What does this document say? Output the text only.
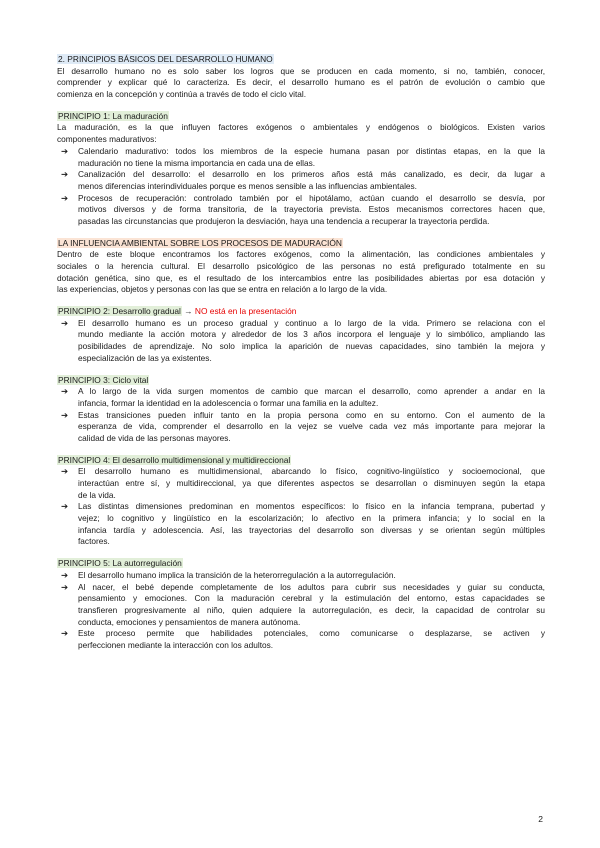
2. PRINCIPIOS BÁSICOS DEL DESARROLLO HUMANO
El desarrollo humano no es solo saber los logros que se producen en cada momento, si no, también, conocer,
comprender y explicar qué lo caracteriza. Es decir, el desarrollo humano es el patrón de evolución o cambio que
comienza en la concepción y continúa a través de todo el ciclo vital.
PRINCIPIO 1: La maduración
La maduración, es la que influyen factores exógenos o ambientales y endógenos o biológicos. Existen varios
componentes madurativos:
➔ Calendario madurativo: todos los miembros de la especie humana pasan por distintas etapas, en la que la
maduración no tiene la misma importancia en cada una de ellas.
➔ Canalización del desarrollo: el desarrollo en los primeros años está más canalizado, es decir, da lugar a
menos diferencias interindividuales porque es menos sensible a las influencias ambientales.
➔ Procesos de recuperación: controlado también por el hipotálamo, actúan cuando el desarrollo se desvía, por
motivos diversos y de forma transitoria, de la trayectoria prevista. Estos mecanismos correctores hacen que,
pasadas las circunstancias que produjeron la desviación, haya una tendencia a recuperar la trayectoria perdida.
LA INFLUENCIA AMBIENTAL SOBRE LOS PROCESOS DE MADURACIÓN
Dentro de este bloque encontramos los factores exógenos, como la alimentación, las condiciones ambientales y
sociales o la herencia cultural. El desarrollo psicológico de las personas no está prefigurado totalmente en su
dotación genética, sino que, es el resultado de los intercambios entre las posibilidades abiertas por esa dotación y
las experiencias, objetos y personas con las que se entra en relación a lo largo de la vida.
PRINCIPIO 2: Desarrollo gradual → NO está en la presentación
➔ El desarrollo humano es un proceso gradual y continuo a lo largo de la vida. Primero se relaciona con el
mundo mediante la acción motora y alrededor de los 3 años incorpora el lenguaje y lo simbólico, ampliando las
posibilidades de aprendizaje. No solo implica la aparición de nuevas capacidades, sino también la mejora y
especialización de las ya existentes.
PRINCIPIO 3: Ciclo vital
➔ A lo largo de la vida surgen momentos de cambio que marcan el desarrollo, como aprender a andar en la
infancia, formar la identidad en la adolescencia o formar una familia en la adultez.
➔ Estas transiciones pueden influir tanto en la propia persona como en su entorno. Con el aumento de la
esperanza de vida, comprender el desarrollo en la vejez se vuelve cada vez más importante para mejorar la
calidad de vida de las personas mayores.
PRINCIPIO 4: El desarrollo multidimensional y multidireccional
➔ El desarrollo humano es multidimensional, abarcando lo físico, cognitivo-lingüístico y socioemocional, que
interactúan entre sí, y multidireccional, ya que diferentes aspectos se desarrollan o disminuyen según la etapa
de la vida.
➔ Las distintas dimensiones predominan en momentos específicos: lo físico en la infancia temprana, pubertad y
vejez; lo cognitivo y lingüístico en la escolarización; lo afectivo en la primera infancia; y lo social en la
infancia tardía y adolescencia. Así, las trayectorias del desarrollo son diversas y se orientan según múltiples
factores.
PRINCIPIO 5: La autorregulación
➔ El desarrollo humano implica la transición de la heterorregulación a la autorregulación.
➔ Al nacer, el bebé depende completamente de los adultos para cubrir sus necesidades y guiar su conducta,
pensamiento y emociones. Con la maduración cerebral y la estimulación del entorno, estas capacidades se
transfieren progresivamente al niño, quien adquiere la autorregulación, es decir, la capacidad de controlar su
conducta, emociones y pensamientos de manera autónoma.
➔ Este proceso permite que habilidades potenciales, como comunicarse o desplazarse, se activen y
perfeccionen mediante la interacción con los adultos.
2
